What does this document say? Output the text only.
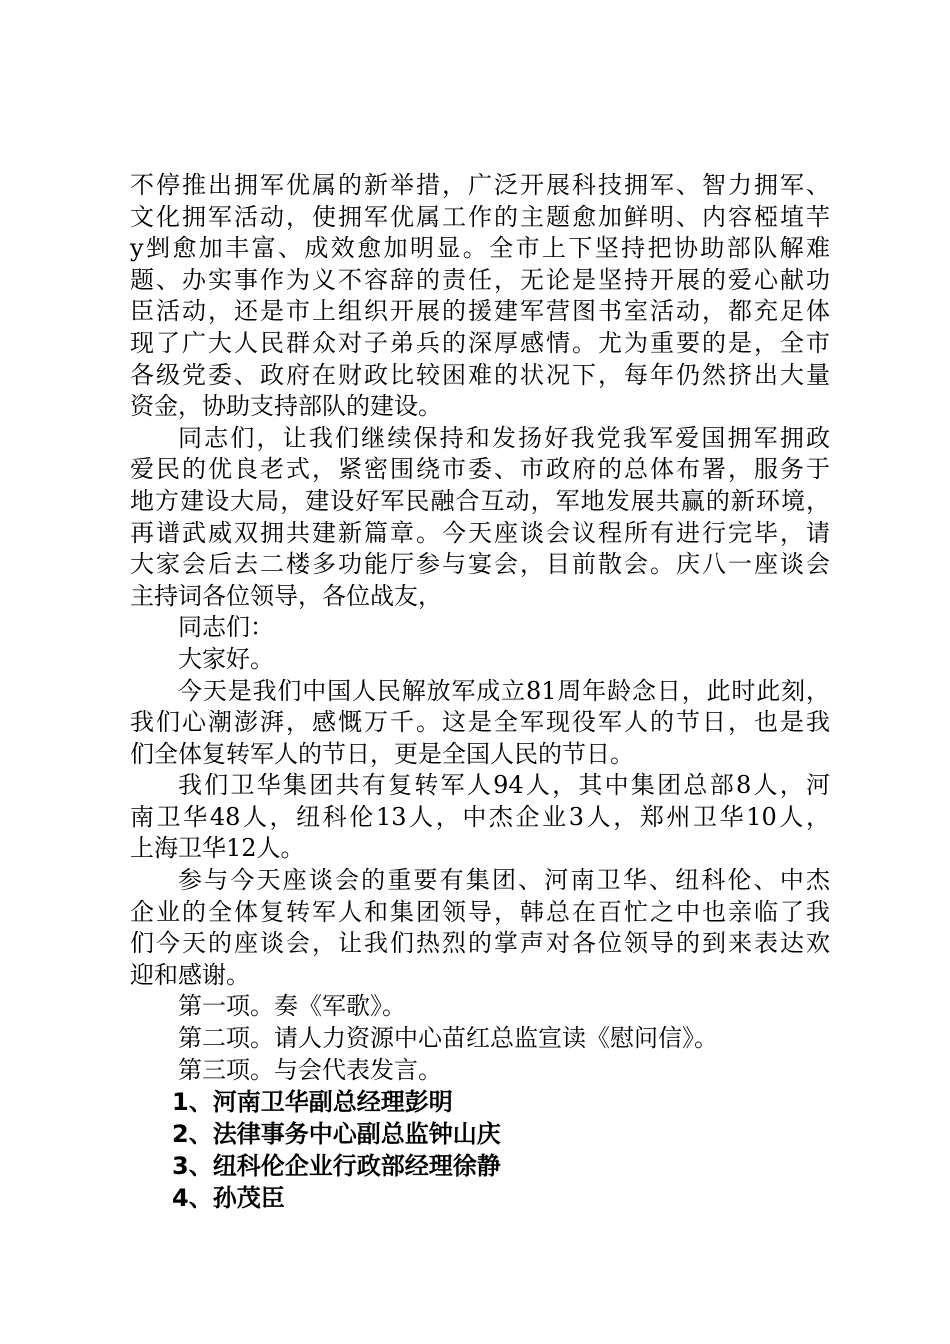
不停推出拥军优属的新举措，广泛开展科技拥军、智力拥军、
文化拥军活动，使拥军优属工作的主题愈加鲜明、内容椏埴芉
y剉愈加丰富、成效愈加明显。全市上下坚持把协助部队解难
题、办实事作为义不容辞的责任，无论是坚持开展的爱心献功
臣活动，还是市上组织开展的援建军营图书室活动，都充足体
现了广大人民群众对子弟兵的深厚感情。尤为重要的是，全市
各级党委、政府在财政比较困难的状况下，每年仍然挤出大量
资金，协助支持部队的建设。
同志们，让我们继续保持和发扬好我党我军爱国拥军拥政
爱民的优良老式，紧密围绕市委、市政府的总体布署，服务于
地方建设大局，建设好军民融合互动，军地发展共赢的新环境，
再谱武威双拥共建新篇章。今天座谈会议程所有进行完毕，请
大家会后去二楼多功能厅参与宴会，目前散会。庆八一座谈会
主持词各位领导，各位战友，
同志们：
大家好。
今天是我们中国人民解放军成立81周年龄念日，此时此刻，
我们心潮澎湃，感慨万千。这是全军现役军人的节日，也是我
们全体复转军人的节日，更是全国人民的节日。
我们卫华集团共有复转军人94人，其中集团总部8人，河
南卫华48人，纽科伦13人，中杰企业3人，郑州卫华10人，
上海卫华12人。
参与今天座谈会的重要有集团、河南卫华、纽科伦、中杰
企业的全体复转军人和集团领导，韩总在百忙之中也亲临了我
们今天的座谈会，让我们热烈的掌声对各位领导的到来表达欢
迎和感谢。
第一项。奏《军歌》。
第二项。请人力资源中心苗红总监宣读《慰问信》。
第三项。与会代表发言。
1、河南卫华副总经理彭明
2、法律事务中心副总监钟山庆
3、纽科伦企业行政部经理徐静
4、孙茂臣
